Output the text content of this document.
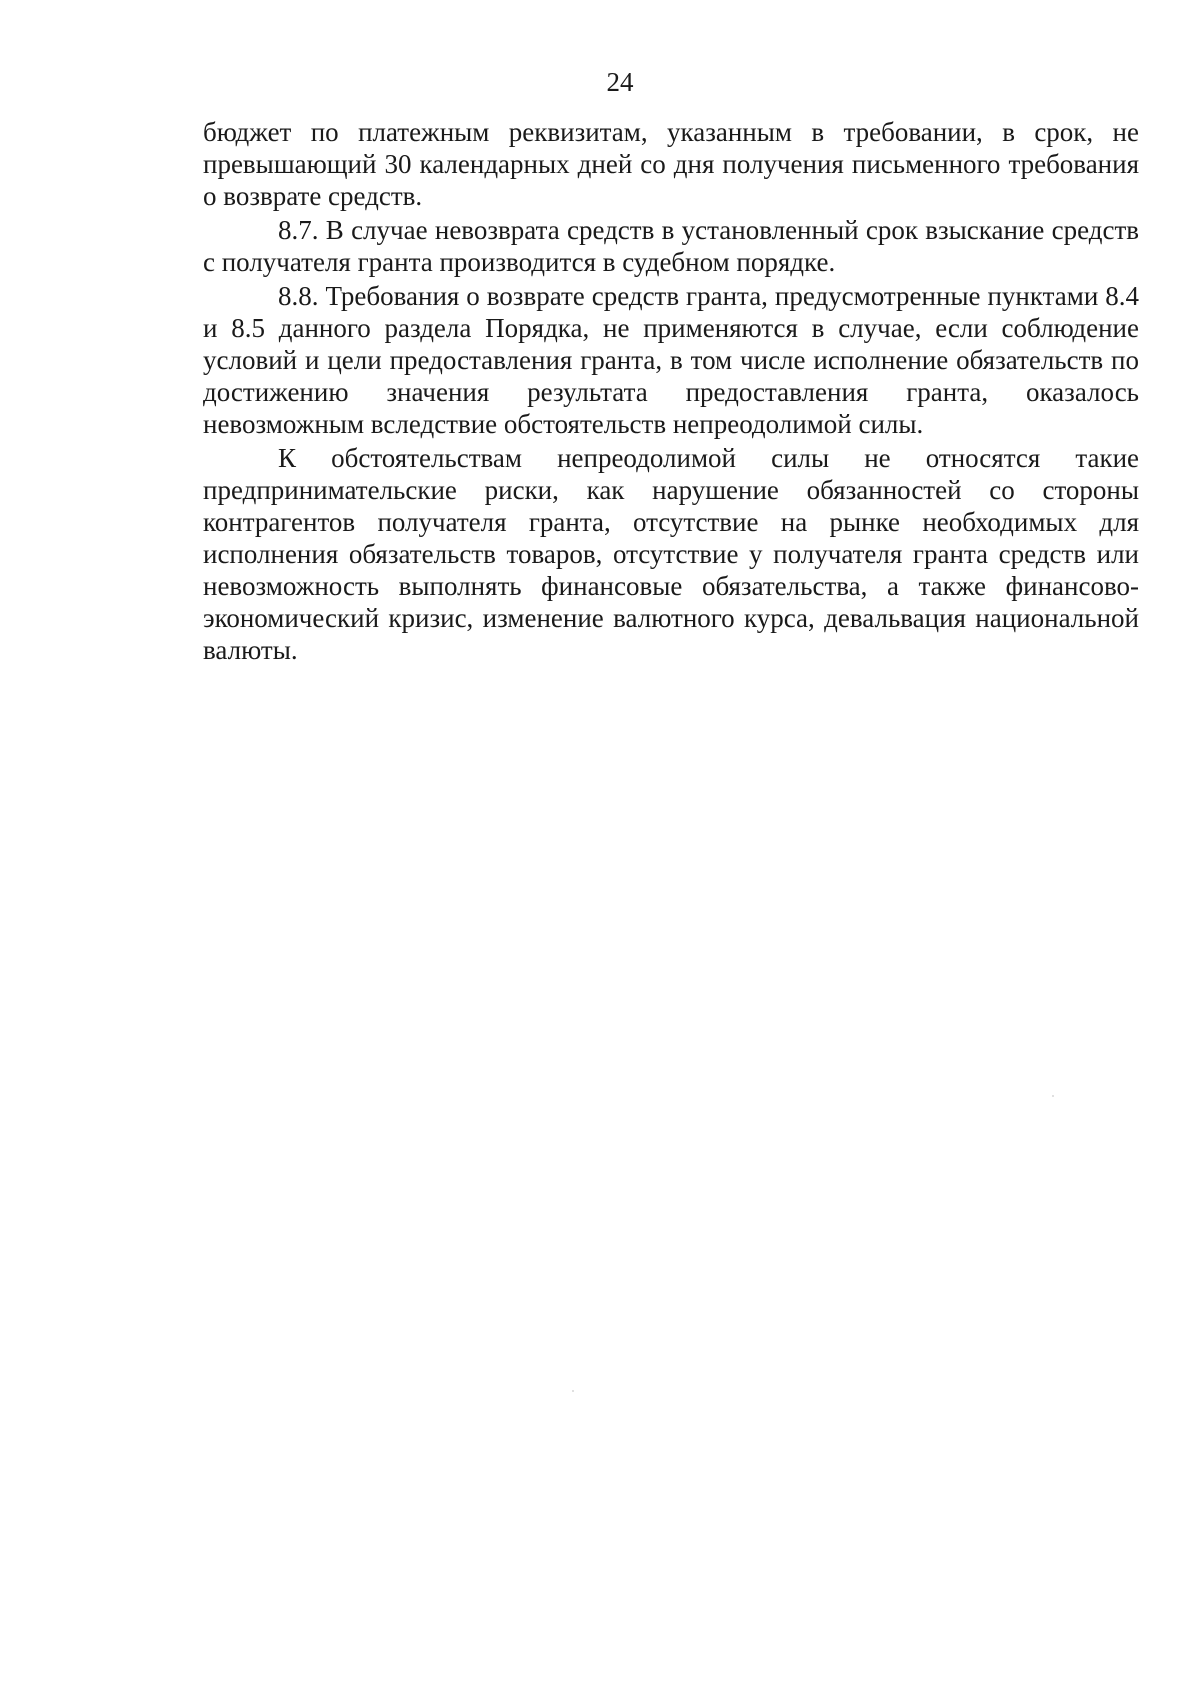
24

бюджет по платежным реквизитам, указанным в требовании, в срок, не превышающий 30 календарных дней со дня получения письменного требования о возврате средств.

8.7. В случае невозврата средств в установленный срок взыскание средств с получателя гранта производится в судебном порядке.

8.8. Требования о возврате средств гранта, предусмотренные пунктами 8.4 и 8.5 данного раздела Порядка, не применяются в случае, если соблюдение условий и цели предоставления гранта, в том числе исполнение обязательств по достижению значения результата предоставления гранта, оказалось невозможным вследствие обстоятельств непреодолимой силы.

К обстоятельствам непреодолимой силы не относятся такие предпринимательские риски, как нарушение обязанностей со стороны контрагентов получателя гранта, отсутствие на рынке необходимых для исполнения обязательств товаров, отсутствие у получателя гранта средств или невозможность выполнять финансовые обязательства, а также финансово-экономический кризис, изменение валютного курса, девальвация национальной валюты.
